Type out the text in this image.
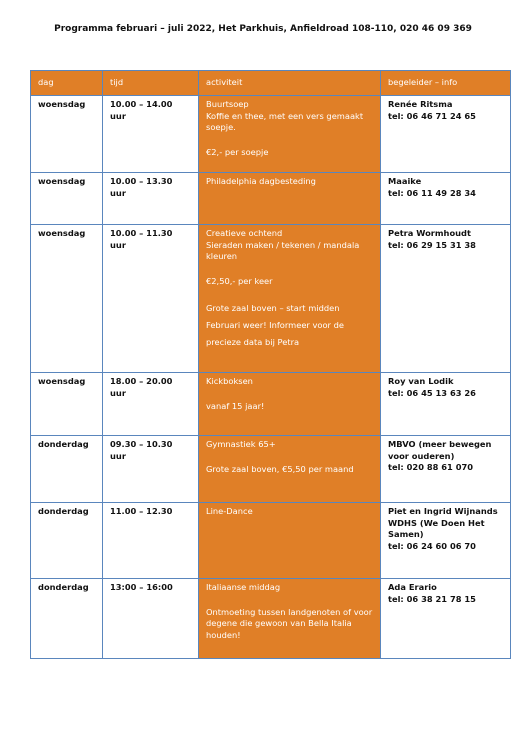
Programma februari – juli 2022, Het Parkhuis, Anfieldroad 108-110, 020 46 09 369
dag	tijd	activiteit	begeleider – info
woensdag	10.00 – 14.00 uur	Buurtsoep
Koffie en thee, met een vers gemaakt soepje.
€2,- per soepje	Renée Ritsma
tel: 06 46 71 24 65

woensdag	10.00 – 13.30 uur	Philadelphia dagbesteding	Maaike
tel: 06 11 49 28 34

woensdag	10.00 – 11.30 uur	Creatieve ochtend
Sieraden maken / tekenen / mandala kleuren
€2,50,- per keer
Grote zaal boven – start midden Februari weer! Informeer voor de precieze data bij Petra	Petra Wormhoudt
tel: 06 29 15 31 38

woensdag	18.00 – 20.00 uur	Kickboksen
vanaf 15 jaar!	Roy van Lodik
tel: 06 45 13 63 26

donderdag	09.30 – 10.30 uur	Gymnastiek 65+
Grote zaal boven, €5,50 per maand	MBVO (meer bewegen voor ouderen)
tel: 020 88 61 070

donderdag	11.00 – 12.30	Line-Dance	Piet en Ingrid Wijnands WDHS (We Doen Het Samen)
tel: 06 24 60 06 70

donderdag	13:00 – 16:00	Italiaanse middag
Ontmoeting tussen landgenoten of voor degene die gewoon van Bella Italia houden!	Ada Erario
tel: 06 38 21 78 15
